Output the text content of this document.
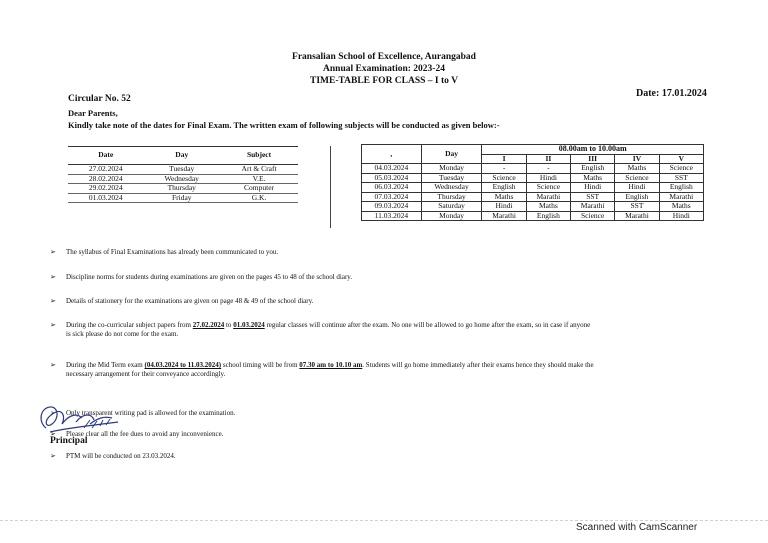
Fransalian School of Excellence, Aurangabad
Annual Examination: 2023-24
TIME-TABLE FOR CLASS – I to V
Date: 17.01.2024
Circular No. 52
Dear Parents,
Kindly take note of the dates for Final Exam. The written exam of following subjects will be conducted as given below:-
Date	Day	Subject
27.02.2024	Tuesday	Art & Craft
28.02.2024	Wednesday	V.E.
29.02.2024	Thursday	Computer
01.03.2024	Friday	G.K.
,	Day	08.00am to 10.00am				
		I	II	III	IV	V
04.03.2024	Monday	-	-	English	Maths	Science
05.03.2024	Tuesday	Science	Hindi	Maths	Science	SST
06.03.2024	Wednesday	English	Science	Hindi	Hindi	English
07.03.2024	Thursday	Maths	Marathi	SST	English	Marathi
09.03.2024	Saturday	Hindi	Maths	Marathi	SST	Maths
11.03.2024	Monday	Marathi	English	Science	Marathi	Hindi
➢ The syllabus of Final Examinations has already been communicated to you.
➢ Discipline norms for students during examinations are given on the pages 45 to 48 of the school diary.
➢ Details of stationery for the examinations are given on page 48 & 49 of the school diary.
➢ During the co-curricular subject papers from 27.02.2024 to 01.03.2024 regular classes will continue after the exam. No one will be allowed to go home after the exam, so in case if anyone
is sick please do not come for the exam.
➢ During the Mid Term exam (04.03.2024 to 11.03.2024) school timing will be from 07.30 am to 10.10 am. Students will go home immediately after their exams hence they should make the
necessary arrangement for their conveyance accordingly.
➢ Only transparent writing pad is allowed for the examination.
➢ Please clear all the fee dues to avoid any inconvenience.
➢ PTM will be conducted on 23.03.2024.
Principal
Scanned with CamScanner
